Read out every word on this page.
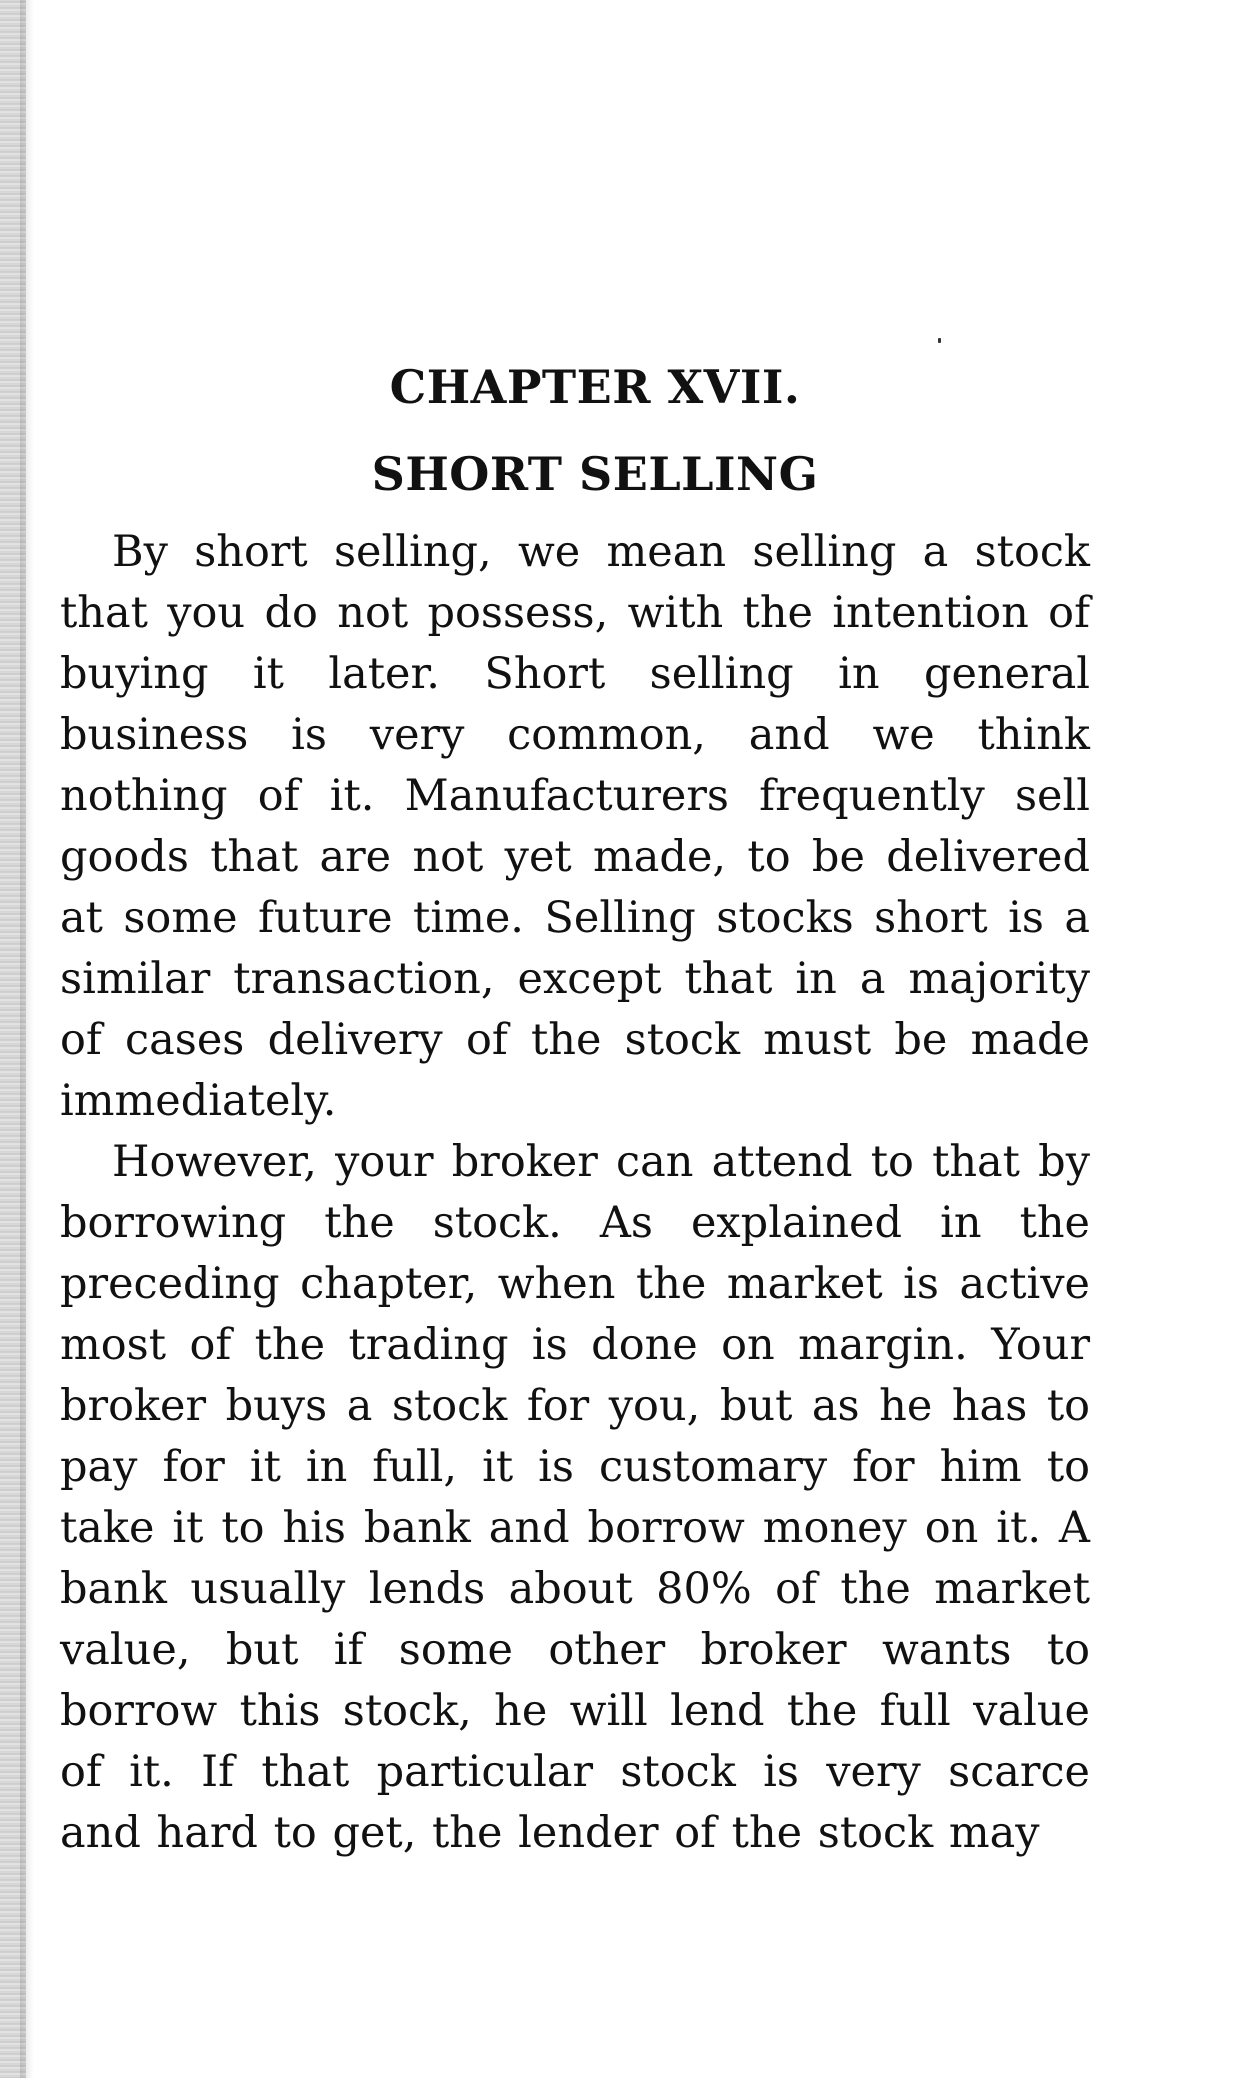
CHAPTER XVII.
SHORT SELLING

By short selling, we mean selling a stock that you do not possess, with the intention of buying it later. Short selling in general business is very common, and we think nothing of it. Manufacturers frequently sell goods that are not yet made, to be delivered at some future time. Selling stocks short is a similar transaction, except that in a majority of cases delivery of the stock must be made immediately.

However, your broker can attend to that by borrowing the stock. As explained in the preceding chapter, when the market is active most of the trading is done on margin. Your broker buys a stock for you, but as he has to pay for it in full, it is customary for him to take it to his bank and borrow money on it. A bank usually lends about 80% of the market value, but if some other broker wants to borrow this stock, he will lend the full value of it. If that particular stock is very scarce and hard to get, the lender of the stock may
